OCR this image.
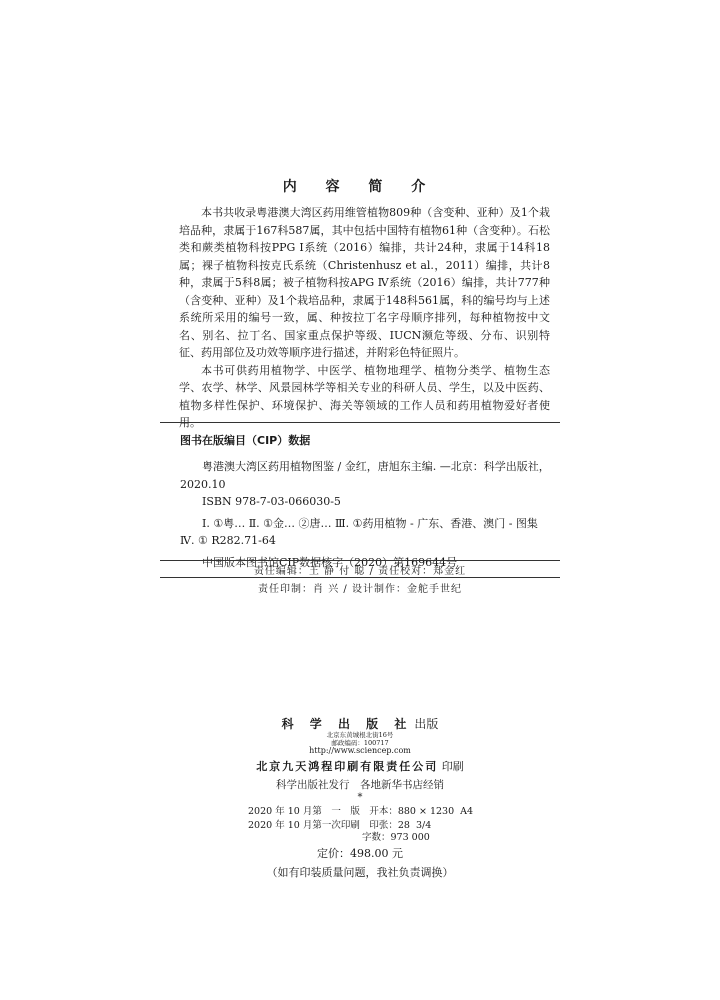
内 容 简 介

本书共收录粤港澳大湾区药用维管植物809种（含变种、亚种）及1个栽培品种，隶属于167科587属，其中包括中国特有植物61种（含变种）。石松类和蕨类植物科按PPG Ⅰ系统（2016）编排，共计24种，隶属于14科18属；裸子植物科按克氏系统（Christenhusz et al.，2011）编排，共计8种，隶属于5科8属；被子植物科按APG Ⅳ系统（2016）编排，共计777种（含变种、亚种）及1个栽培品种，隶属于148科561属，科的编号均与上述系统所采用的编号一致，属、种按拉丁名字母顺序排列，每种植物按中文名、别名、拉丁名、国家重点保护等级、IUCN濒危等级、分布、识别特征、药用部位及功效等顺序进行描述，并附彩色特征照片。

本书可供药用植物学、中医学、植物地理学、植物分类学、植物生态学、农学、林学、风景园林学等相关专业的科研人员、学生，以及中医药、植物多样性保护、环境保护、海关等领域的工作人员和药用植物爱好者使用。

图书在版编目（CIP）数据

粤港澳大湾区药用植物图鉴 / 金红，唐旭东主编. —北京：科学出版社，2020.10

ISBN 978-7-03-066030-5

Ⅰ. ①粤… Ⅱ. ①金… ②唐… Ⅲ. ①药用植物 - 广东、香港、澳门 - 图集 Ⅳ. ① R282.71-64

中国版本图书馆CIP数据核字（2020）第169644号

责任编辑：王 静 付 聪 / 责任校对：郑金红
责任印制：肖 兴 / 设计制作：金舵手世纪
科 学 出 版 社 出版
北京东黄城根北街16号
邮政编码：100717
http://www.sciencep.com
北京九天鸿程印刷有限责任公司 印刷
科学出版社发行　各地新华书店经销
*
2020 年 10 月第　一　版　开本：880 × 1230  A4
2020 年 10 月第一次印刷　印张：28  3/4
　　　　　　　　　　　　字数：973 000
定价：498.00 元
（如有印装质量问题，我社负责调换）
